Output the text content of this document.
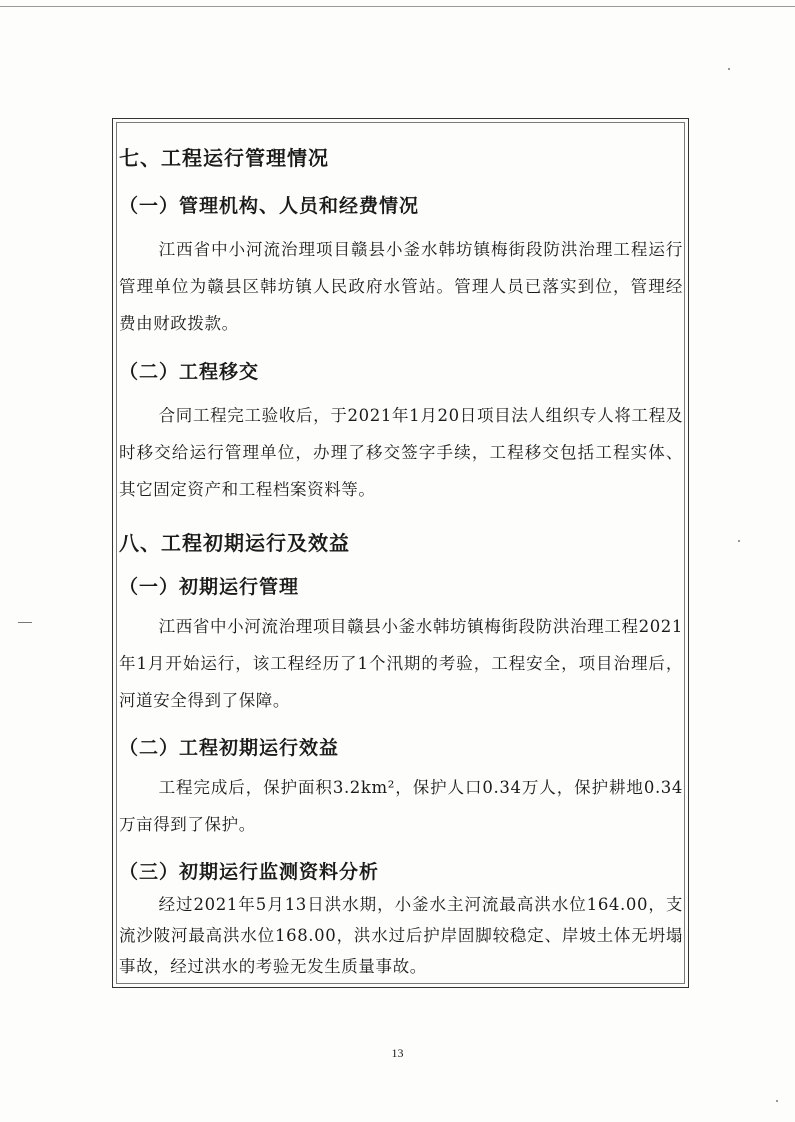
七、工程运行管理情况

（一）管理机构、人员和经费情况

江西省中小河流治理项目赣县小釜水韩坊镇梅街段防洪治理工程运行管理单位为赣县区韩坊镇人民政府水管站。管理人员已落实到位，管理经费由财政拨款。

（二）工程移交

合同工程完工验收后，于2021年1月20日项目法人组织专人将工程及时移交给运行管理单位，办理了移交签字手续，工程移交包括工程实体、其它固定资产和工程档案资料等。

八、工程初期运行及效益

（一）初期运行管理

江西省中小河流治理项目赣县小釜水韩坊镇梅街段防洪治理工程2021年1月开始运行，该工程经历了1个汛期的考验，工程安全，项目治理后，河道安全得到了保障。

（二）工程初期运行效益

工程完成后，保护面积3.2km²，保护人口0.34万人，保护耕地0.34万亩得到了保护。

（三）初期运行监测资料分析

经过2021年5月13日洪水期，小釜水主河流最高洪水位164.00，支流沙陂河最高洪水位168.00，洪水过后护岸固脚较稳定、岸坡土体无坍塌事故，经过洪水的考验无发生质量事故。

13
